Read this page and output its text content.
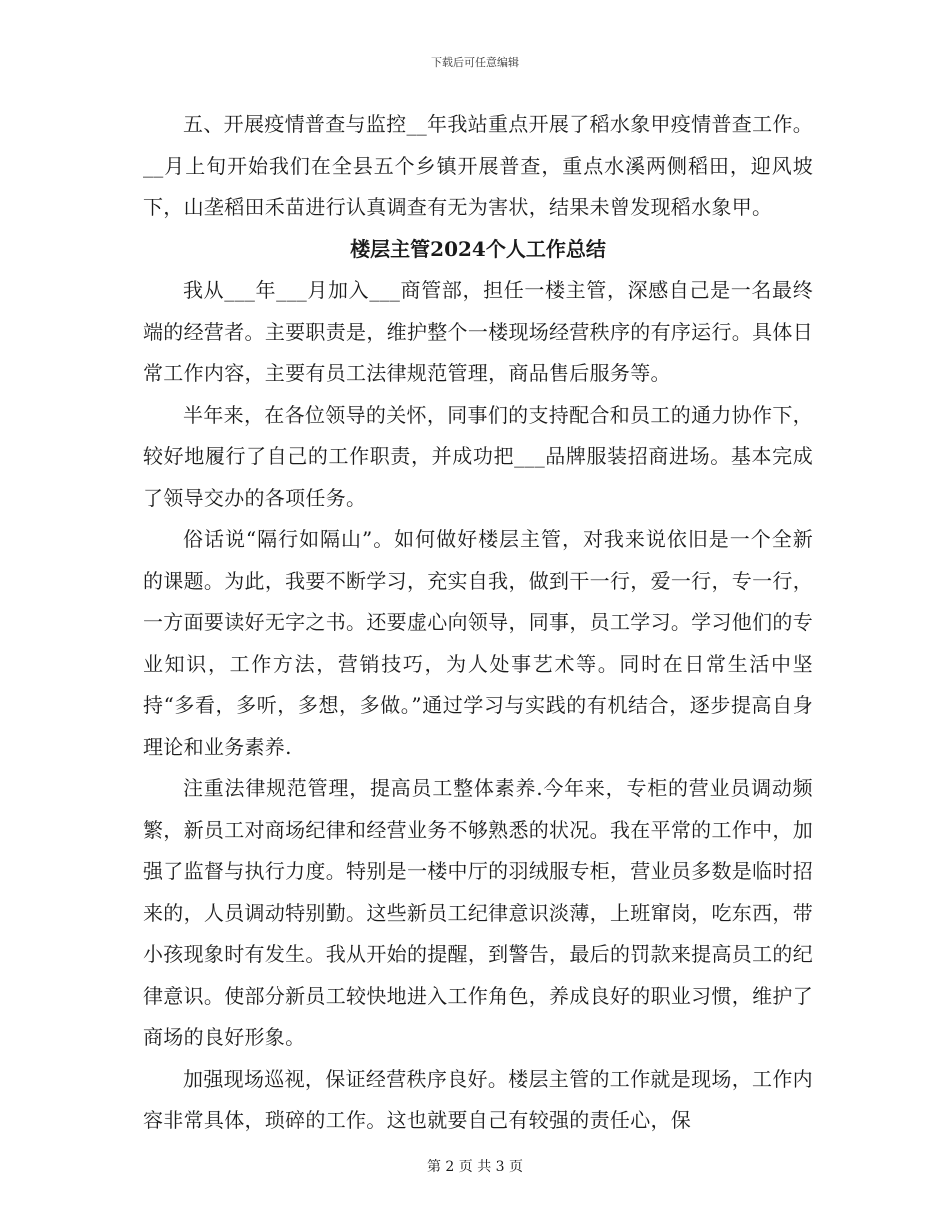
下载后可任意编辑

五、开展疫情普查与监控__年我站重点开展了稻水象甲疫情普查工作。__月上旬开始我们在全县五个乡镇开展普查，重点水溪两侧稻田，迎风坡下，山垄稻田禾苗进行认真调查有无为害状，结果未曾发现稻水象甲。

楼层主管2024个人工作总结

我从___年___月加入___商管部，担任一楼主管，深感自己是一名最终端的经营者。主要职责是，维护整个一楼现场经营秩序的有序运行。具体日常工作内容，主要有员工法律规范管理，商品售后服务等。

半年来，在各位领导的关怀，同事们的支持配合和员工的通力协作下，较好地履行了自己的工作职责，并成功把___品牌服装招商进场。基本完成了领导交办的各项任务。

俗话说“隔行如隔山”。如何做好楼层主管，对我来说依旧是一个全新的课题。为此，我要不断学习，充实自我，做到干一行，爱一行，专一行，一方面要读好无字之书。还要虚心向领导，同事，员工学习。学习他们的专业知识，工作方法，营销技巧，为人处事艺术等。同时在日常生活中坚持“多看，多听，多想，多做。”通过学习与实践的有机结合，逐步提高自身理论和业务素养.

注重法律规范管理，提高员工整体素养.今年来，专柜的营业员调动频繁，新员工对商场纪律和经营业务不够熟悉的状况。我在平常的工作中，加强了监督与执行力度。特别是一楼中厅的羽绒服专柜，营业员多数是临时招来的，人员调动特别勤。这些新员工纪律意识淡薄，上班窜岗，吃东西，带小孩现象时有发生。我从开始的提醒，到警告，最后的罚款来提高员工的纪律意识。使部分新员工较快地进入工作角色，养成良好的职业习惯，维护了商场的良好形象。

加强现场巡视，保证经营秩序良好。楼层主管的工作就是现场，工作内容非常具体，琐碎的工作。这也就要自己有较强的责任心，保

第 2 页 共 3 页
